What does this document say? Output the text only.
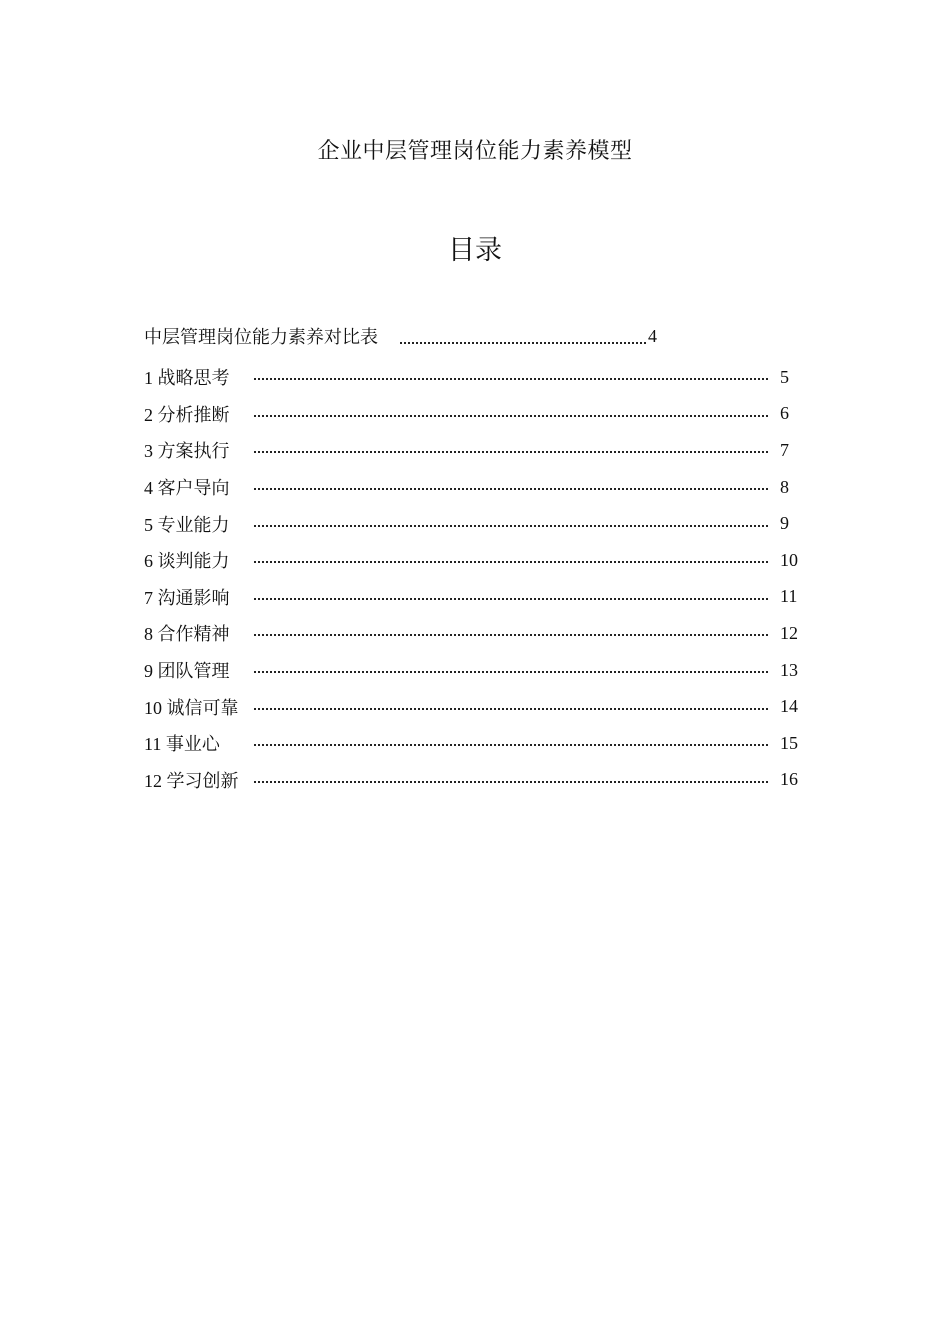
企业中层管理岗位能力素养模型
目录
中层管理岗位能力素养对比表	4
1 战略思考	5
2 分析推断	6
3 方案执行	7
4 客户导向	8
5 专业能力	9
6 谈判能力	10
7 沟通影响	11
8 合作精神	12
9 团队管理	13
10 诚信可靠	14
11 事业心	15
12 学习创新	16
